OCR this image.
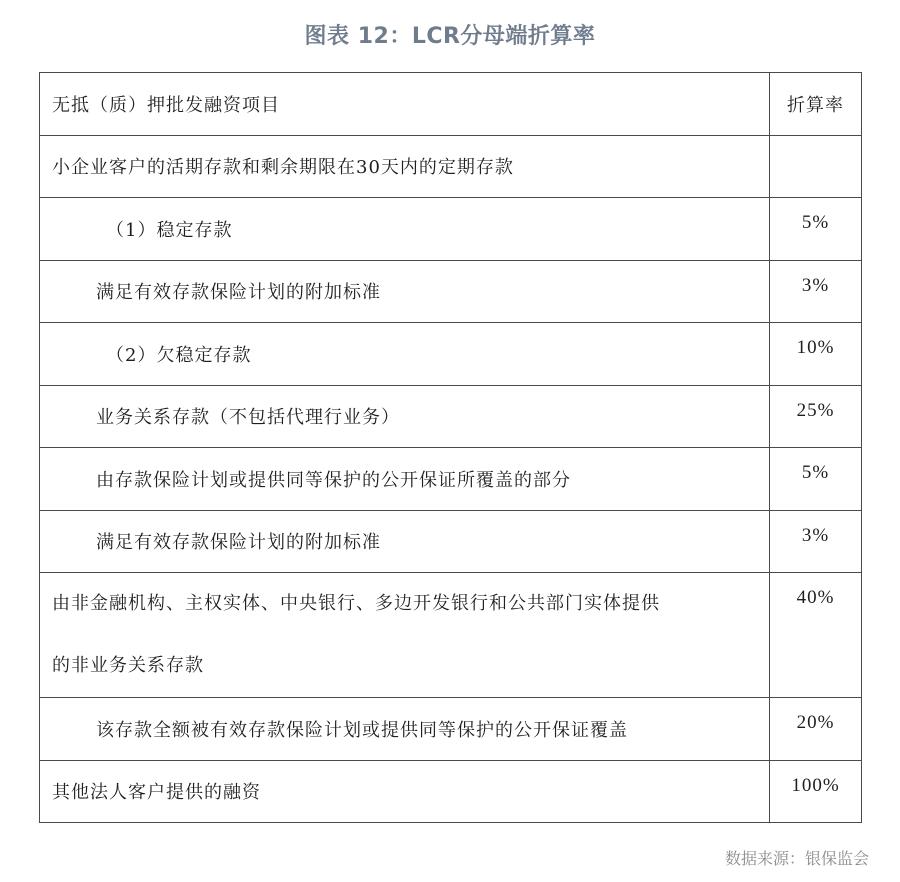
图表 12：LCR分母端折算率
无抵（质）押批发融资项目	折算率
小企业客户的活期存款和剩余期限在30天内的定期存款	
（1）稳定存款	5%
满足有效存款保险计划的附加标准	3%
（2）欠稳定存款	10%
业务关系存款（不包括代理行业务）	25%
由存款保险计划或提供同等保护的公开保证所覆盖的部分	5%
满足有效存款保险计划的附加标准	3%

由非金融机构、主权实体、中央银行、多边开发银行和公共部门实体提供
的非业务关系存款	40%
该存款全额被有效存款保险计划或提供同等保护的公开保证覆盖	20%
其他法人客户提供的融资	100%
数据来源：银保监会
